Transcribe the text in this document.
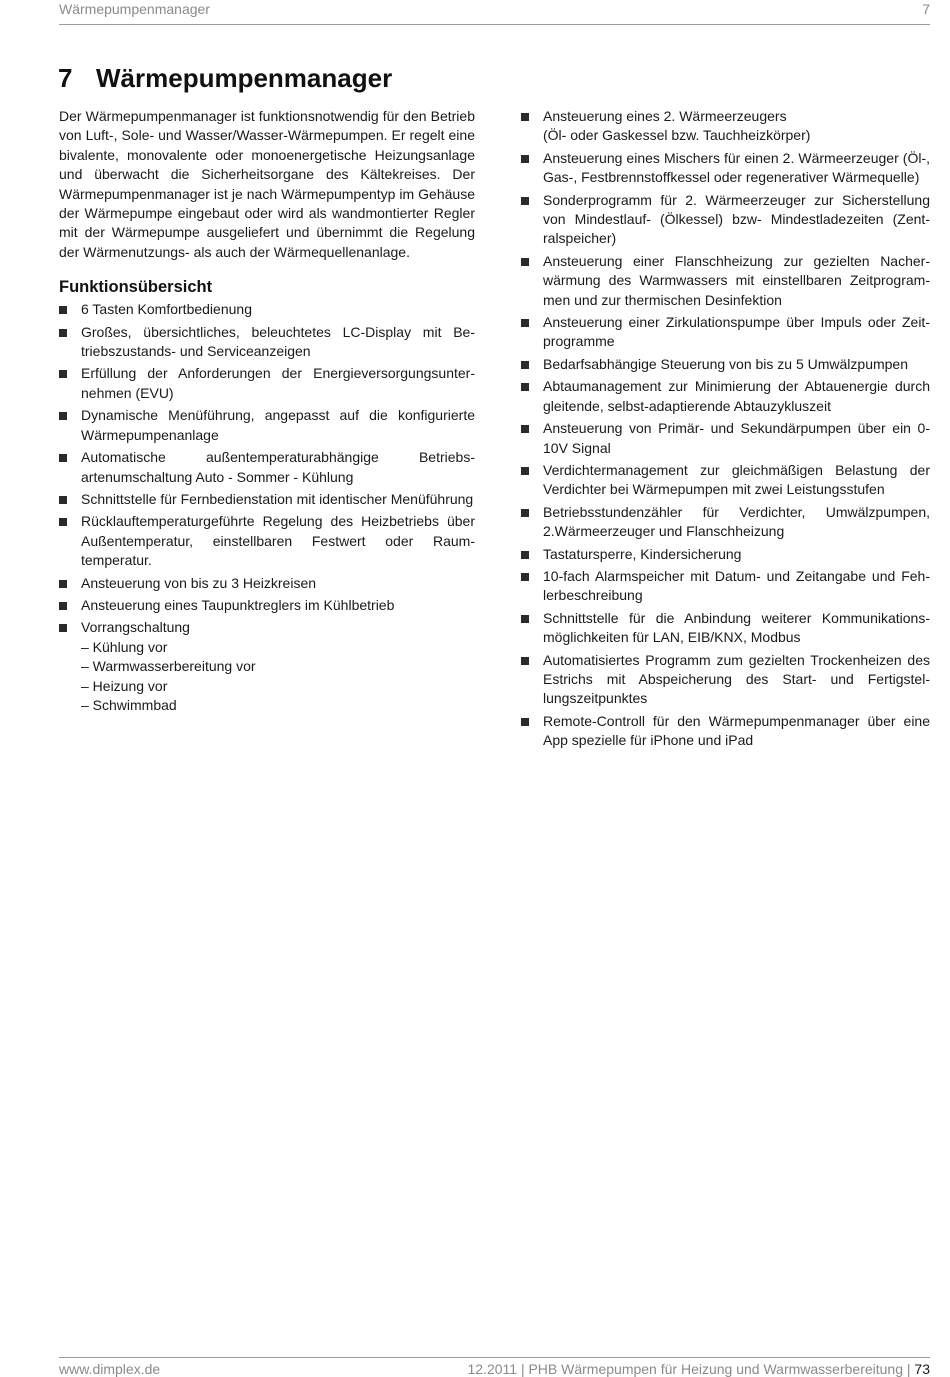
Wärmepumpenmanager	7
7 Wärmepumpenmanager

Der Wärmepumpenmanager ist funktionsnotwendig für den Betrieb von Luft-, Sole- und Wasser/Wasser-Wärmepumpen. Er regelt eine bivalente, monovalente oder monoenergetische Heizungsanlage und überwacht die Sicherheitsorgane des Kältekreises. Der Wärmepumpenmanager ist je nach Wärmepumpentyp im Gehäuse der Wärmepumpe eingebaut oder wird als wandmontierter Regler mit der Wärmepumpe ausgeliefert und übernimmt die Regelung der Wärmenutzungs- als auch der Wärmequellenanlage.

Funktionsübersicht
6 Tasten Komfortbedienung
Großes, übersichtliches, beleuchtetes LC-Display mit Betriebszustands- und Serviceanzeigen
Erfüllung der Anforderungen der Energieversorgungsunternehmen (EVU)
Dynamische Menüführung, angepasst auf die konfigurierte Wärmepumpenanlage
Automatische außentemperaturabhängige Betriebsartenumschaltung Auto - Sommer - Kühlung
Schnittstelle für Fernbedienstation mit identischer Menüführung
Rücklauftemperaturgeführte Regelung des Heizbetriebs über Außentemperatur, einstellbaren Festwert oder Raumtemperatur.
Ansteuerung von bis zu 3 Heizkreisen
Ansteuerung eines Taupunktreglers im Kühlbetrieb
Vorrangschaltung
– Kühlung vor
– Warmwasserbereitung vor
– Heizung vor
– Schwimmbad
Ansteuerung eines 2. Wärmeerzeugers
(Öl- oder Gaskessel bzw. Tauchheizkörper)
Ansteuerung eines Mischers für einen 2. Wärmeerzeuger (Öl-, Gas-, Festbrennstoffkessel oder regenerativer Wärmequelle)
Sonderprogramm für 2. Wärmeerzeuger zur Sicherstellung von Mindestlauf- (Ölkessel) bzw- Mindestladezeiten (Zentralspeicher)
Ansteuerung einer Flanschheizung zur gezielten Nacherwärmung des Warmwassers mit einstellbaren Zeitprogrammen und zur thermischen Desinfektion
Ansteuerung einer Zirkulationspumpe über Impuls oder Zeitprogramme
Bedarfsabhängige Steuerung von bis zu 5 Umwälzpumpen
Abtaumanagement zur Minimierung der Abtauenergie durch gleitende, selbst-adaptierende Abtauzykluszeit
Ansteuerung von Primär- und Sekundärpumpen über ein 0-10V Signal
Verdichtermanagement zur gleichmäßigen Belastung der Verdichter bei Wärmepumpen mit zwei Leistungsstufen
Betriebsstundenzähler für Verdichter, Umwälzpumpen, 2.Wärmeerzeuger und Flanschheizung
Tastatursperre, Kindersicherung
10-fach Alarmspeicher mit Datum- und Zeitangabe und Fehlerbeschreibung
Schnittstelle für die Anbindung weiterer Kommunikationsmöglichkeiten für LAN, EIB/KNX, Modbus
Automatisiertes Programm zum gezielten Trockenheizen des Estrichs mit Abspeicherung des Start- und Fertigstellungszeitpunktes
Remote-Controll für den Wärmepumpenmanager über eine App spezielle für iPhone und iPad
www.dimplex.de	12.2011 | PHB Wärmepumpen für Heizung und Warmwasserbereitung | 73
